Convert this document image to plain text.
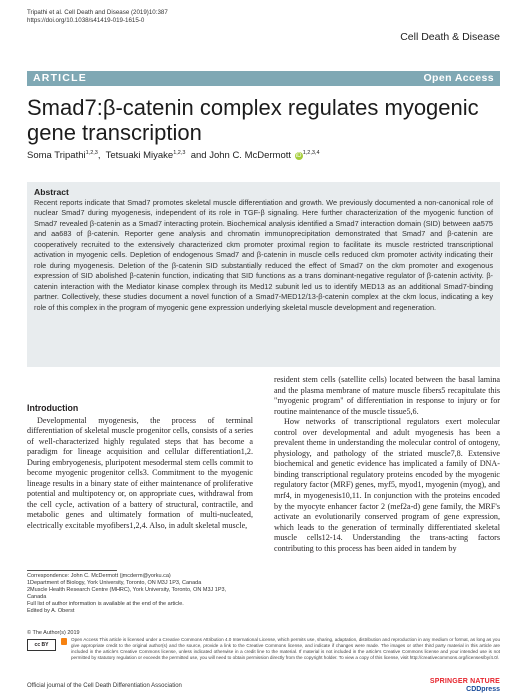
Tripathi et al. Cell Death and Disease (2019)10:387
https://doi.org/10.1038/s41419-019-1615-0
Cell Death & Disease
ARTICLE	Open Access
Smad7:β-catenin complex regulates myogenic gene transcription
Soma Tripathi$^{1,2,3}$,  Tetsuaki Miyake$^{1,2,3}$ and John C. McDermott iD$^{1,2,3,4}$
Abstract

Recent reports indicate that Smad7 promotes skeletal muscle differentiation and growth. We previously documented a non-canonical role of nuclear Smad7 during myogenesis, independent of its role in TGF-β signaling. Here further characterization of the myogenic function of Smad7 revealed β-catenin as a Smad7 interacting protein. Biochemical analysis identified a Smad7 interaction domain (SID) between aa575 and aa683 of β-catenin. Reporter gene analysis and chromatin immunoprecipitation demonstrated that Smad7 and β-catenin are cooperatively recruited to the extensively characterized ckm promoter proximal region to facilitate its muscle restricted transcriptional activation in myogenic cells. Depletion of endogenous Smad7 and β-catenin in muscle cells reduced ckm promoter activity indicating their role during myogenesis. Deletion of the β-catenin SID substantially reduced the effect of Smad7 on the ckm promoter and exogenous expression of SID abolished β-catenin function, indicating that SID functions as a trans dominant-negative regulator of β-catenin activity. β-catenin interaction with the Mediator kinase complex through its Med12 subunit led us to identify MED13 as an additional Smad7-binding partner. Collectively, these studies document a novel function of a Smad7-MED12/13-β-catenin complex at the ckm locus, indicating a key role of this complex in the program of myogenic gene expression underlying skeletal muscle development and regeneration.

Introduction

Developmental myogenesis, the process of terminal differentiation of skeletal muscle progenitor cells, consists of a series of well-characterized highly regulated steps that has become a paradigm for lineage acquisition and cellular differentiation1,2. During embryogenesis, pluripotent mesodermal stem cells commit to become myogenic progenitor cells3. Commitment to the myogenic lineage results in a binary state of either maintenance of proliferative potential and multipotency or, on appropriate cues, withdrawal from the cell cycle, activation of a battery of structural, contractile, and metabolic genes and ultimately formation of multi-nucleated, electrically excitable myofibers1,2,4. Also, in adult skeletal muscle,

resident stem cells (satellite cells) located between the basal lamina and the plasma membrane of mature muscle fibers5 recapitulate this "myogenic program" of differentiation in response to injury or for routine maintenance of the muscle tissue5,6.

How networks of transcriptional regulators exert molecular control over developmental and adult myogenesis has been a prevalent theme in understanding the molecular control of ontogeny, physiology, and pathology of the striated muscle7,8. Extensive biochemical and genetic evidence has implicated a family of DNA-binding transcriptional regulatory proteins encoded by the myogenic regulatory factor (MRF) genes, myf5, myod1, myogenin (myog), and mrf4, in myogenesis10,11. In conjunction with the proteins encoded by the myocyte enhancer factor 2 (mef2a-d) gene family, the MRF's activate an evolutionarily conserved program of gene expression, which leads to the generation of terminally differentiated skeletal muscle cells12-14. Understanding the trans-acting factors contributing to this process has been aided in tandem by

Correspondence: John C. McDermott (jmcderm@yorku.ca)
1Department of Biology, York University, Toronto, ON M3J 1P3, Canada
2Muscle Health Research Centre (MHRC), York University, Toronto, ON M3J 1P3,
Canada
Full list of author information is available at the end of the article.
Edited by A. Oberst
© The Author(s) 2019
cc BY
Open Access This article is licensed under a Creative Commons Attribution 4.0 International License, which permits use, sharing, adaptation, distribution and reproduction in any medium or format, as long as you give appropriate credit to the original author(s) and the source, provide a link to the Creative Commons license, and indicate if changes were made. The images or other third party material in this article are included in the article's Creative Commons license, unless indicated otherwise in a credit line to the material. If material is not included in the article's Creative Commons license and your intended use is not permitted by statutory regulation or exceeds the permitted use, you will need to obtain permission directly from the copyright holder. To view a copy of this license, visit http://creativecommons.org/licenses/by/4.0/.
Official journal of the Cell Death Differentiation Association
SPRINGER NATURE
CDDpress
